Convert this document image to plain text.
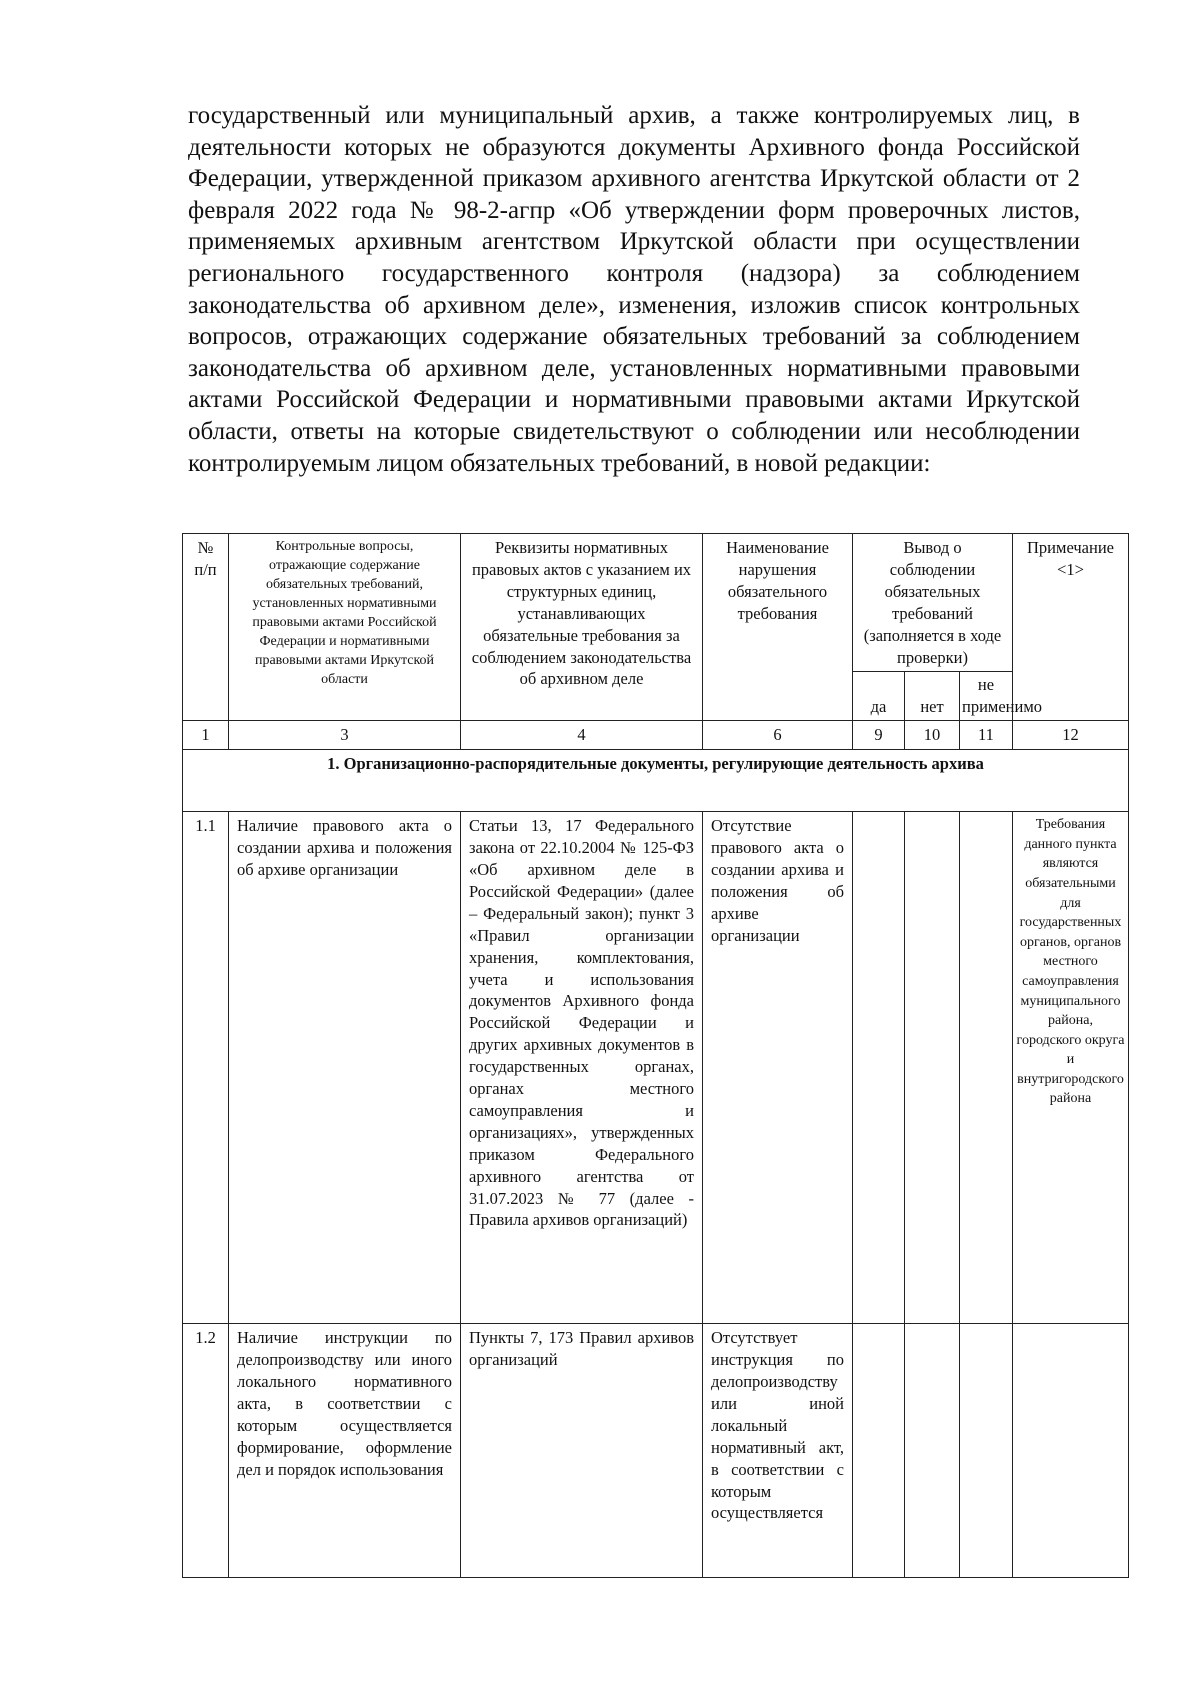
государственный или муниципальный архив, а также контролируемых лиц, в деятельности которых не образуются документы Архивного фонда Российской Федерации, утвержденной приказом архивного агентства Иркутской области от 2 февраля 2022 года № 98-2-агпр «Об утверждении форм проверочных листов, применяемых архивным агентством Иркутской области при осуществлении регионального государственного контроля (надзора) за соблюдением законодательства об архивном деле», изменения, изложив список контрольных вопросов, отражающих содержание обязательных требований за соблюдением законодательства об архивном деле, установленных нормативными правовыми актами Российской Федерации и нормативными правовыми актами Иркутской области, ответы на которые свидетельствуют о соблюдении или несоблюдении контролируемым лицом обязательных требований, в новой редакции:

№ п/п	Контрольные вопросы, отражающие содержание обязательных требований, установленных нормативными правовыми актами Российской Федерации и нормативными правовыми актами Иркутской области	Реквизиты нормативных правовых актов с указанием их структурных единиц, устанавливающих обязательные требования за соблюдением законодательства об архивном деле	Наименование нарушения обязательного требования	Вывод о соблюдении обязательных требований (заполняется в ходе проверки)			Примечание <1>
				да	нет	не применимо	
1	3	4	6	9	10	11	12
1. Организационно-распорядительные документы, регулирующие деятельность архива							
1.1	Наличие правового акта о создании архива и положения об архиве организации	Статьи 13, 17 Федерального закона от 22.10.2004 № 125-ФЗ «Об архивном деле в Российской Федерации» (далее – Федеральный закон); пункт 3 «Правил организации хранения, комплектования, учета и использования документов Архивного фонда Российской Федерации и других архивных документов в государственных органах, органах местного самоуправления и организациях», утвержденных приказом Федерального архивного агентства от 31.07.2023 № 77 (далее - Правила архивов организаций)	Отсутствие правового акта о создании архива и положения об архиве организации				Требования данного пункта являются обязательными для государственных органов, органов местного самоуправления муниципального района, городского округа и внутригородского района
1.2	Наличие инструкции по делопроизводству или иного локального нормативного акта, в соответствии с которым осуществляется формирование, оформление дел и порядок использования	Пункты 7, 173 Правил архивов организаций	Отсутствует инструкция по делопроизводству или иной локальный нормативный акт, в соответствии с которым осуществляется				
